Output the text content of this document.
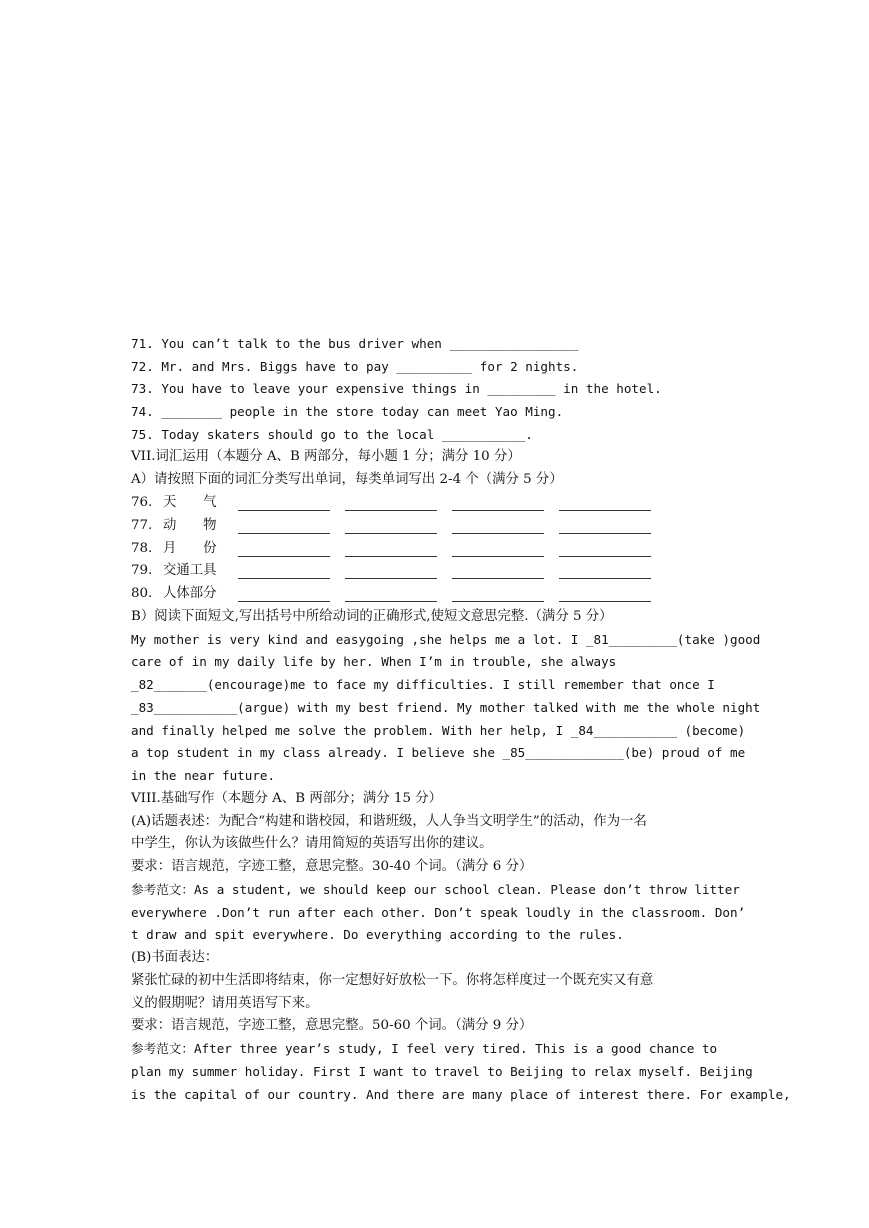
71. You can’t talk to the bus driver when _________________
72. Mr. and Mrs. Biggs have to pay __________ for 2 nights.
73. You have to leave your expensive things in _________ in the hotel.
74. ________ people in the store today can meet Yao Ming.
75. Today skaters should go to the local ___________.
VII.词汇运用（本题分 A、B 两部分，每小题 1 分；满分 10 分）
A）请按照下面的词汇分类写出单词，每类单词写出 2-4 个（满分 5 分）
76. 天　　气
77. 动　　物
78. 月　　份
79. 交通工具
80. 人体部分
B）阅读下面短文,写出括号中所给动词的正确形式,使短文意思完整.（满分 5 分）
My mother is very kind and easygoing ,she helps me a lot. I _81_________(take )good
care of in my daily life by her. When I’m in trouble, she always
_82_______(encourage)me to face my difficulties. I still remember that once I
_83___________(argue) with my best friend. My mother talked with me the whole night
and finally helped me solve the problem. With her help, I _84___________ (become)
a top student in my class already. I believe she _85_____________(be) proud of me
in the near future.
VIII.基础写作（本题分 A、B 两部分；满分 15 分）
(A)话题表述：为配合“构建和谐校园，和谐班级，人人争当文明学生”的活动，作为一名
中学生，你认为该做些什么？请用简短的英语写出你的建议。
要求：语言规范，字迹工整，意思完整。30-40 个词。（满分 6 分）
参考范文：As a student, we should keep our school clean. Please don’t throw litter
everywhere .Don’t run after each other. Don’t speak loudly in the classroom. Don’
t draw and spit everywhere. Do everything according to the rules.
(B)书面表达：
紧张忙碌的初中生活即将结束，你一定想好好放松一下。你将怎样度过一个既充实又有意
义的假期呢？请用英语写下来。
要求：语言规范，字迹工整，意思完整。50-60 个词。（满分 9 分）
参考范文：After three year’s study, I feel very tired. This is a good chance to
plan my summer holiday. First I want to travel to Beijing to relax myself. Beijing
is the capital of our country. And there are many place of interest there. For example,
